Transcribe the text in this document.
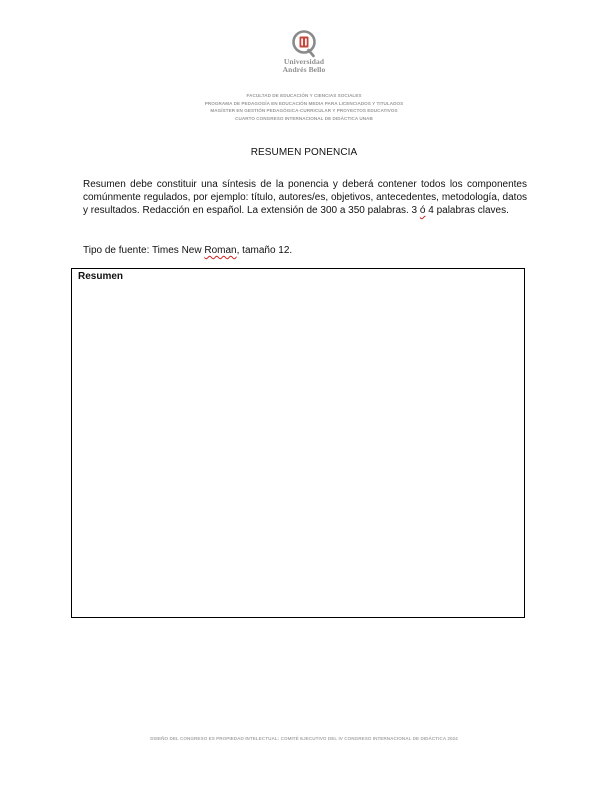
Universidad
Andrés Bello
FACULTAD DE EDUCACIÓN Y CIENCIAS SOCIALES
PROGRAMA DE PEDAGOGÍA EN EDUCACIÓN MEDIA PARA LICENCIADOS Y TITULADOS
MAGÍSTER EN GESTIÓN PEDAGÓGICA-CURRICULAR Y PROYECTOS EDUCATIVOS
CUARTO CONGRESO INTERNACIONAL DE DIDÁCTICA UNAB
RESUMEN PONENCIA

Resumen debe constituir una síntesis de la ponencia y deberá contener todos los componentes comúnmente regulados, por ejemplo: título, autores/es, objetivos, antecedentes, metodología, datos y resultados. Redacción en español. La extensión de 300 a 350 palabras. 3 ó 4 palabras claves.

Tipo de fuente: Times New Roman, tamaño 12.
Resumen
DISEÑO DEL CONGRESO ES PROPIEDAD INTELECTUAL: COMITÉ EJECUTIVO DEL IV CONGRESO INTERNACIONAL DE DIDÁCTICA 2024
